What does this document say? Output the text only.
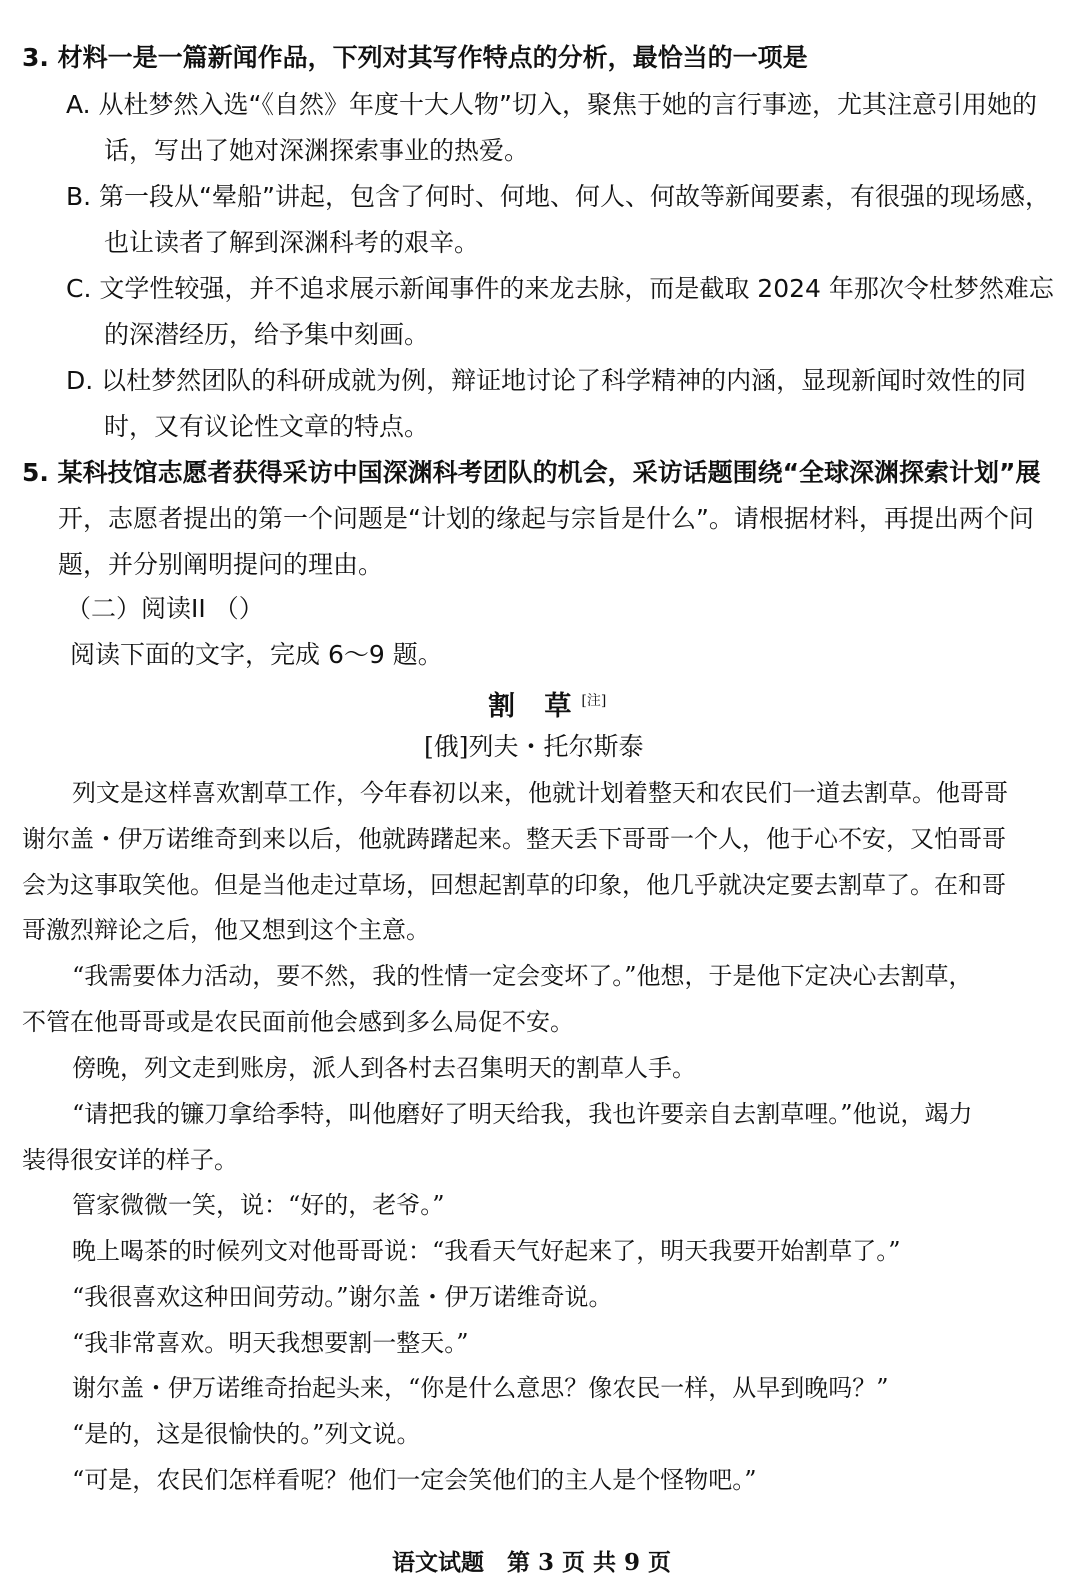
3. 材料一是一篇新闻作品，下列对其写作特点的分析，最恰当的一项是
A. 从杜梦然入选“《自然》年度十大人物”切入，聚焦于她的言行事迹，尤其注意引用她的
话，写出了她对深渊探索事业的热爱。
B. 第一段从“晕船”讲起，包含了何时、何地、何人、何故等新闻要素，有很强的现场感，
也让读者了解到深渊科考的艰辛。
C. 文学性较强，并不追求展示新闻事件的来龙去脉，而是截取 2024 年那次令杜梦然难忘
的深潜经历，给予集中刻画。
D. 以杜梦然团队的科研成就为例，辩证地讨论了科学精神的内涵，显现新闻时效性的同
时，又有议论性文章的特点。
5. 某科技馆志愿者获得采访中国深渊科考团队的机会，采访话题围绕“全球深渊探索计划”展
开，志愿者提出的第一个问题是“计划的缘起与宗旨是什么”。请根据材料，再提出两个问
题，并分别阐明提问的理由。
（二）阅读II （）
阅读下面的文字，完成 6～9 题。
割 草[注]
[俄]列夫・托尔斯泰
列文是这样喜欢割草工作，今年春初以来，他就计划着整天和农民们一道去割草。他哥哥
谢尔盖・伊万诺维奇到来以后，他就踌躇起来。整天丢下哥哥一个人，他于心不安，又怕哥哥
会为这事取笑他。但是当他走过草场，回想起割草的印象，他几乎就决定要去割草了。在和哥
哥激烈辩论之后，他又想到这个主意。
“我需要体力活动，要不然，我的性情一定会变坏了。”他想，于是他下定决心去割草，
不管在他哥哥或是农民面前他会感到多么局促不安。
傍晚，列文走到账房，派人到各村去召集明天的割草人手。
“请把我的镰刀拿给季特，叫他磨好了明天给我，我也许要亲自去割草哩。”他说，竭力
装得很安详的样子。
管家微微一笑，说：“好的，老爷。”
晚上喝茶的时候列文对他哥哥说：“我看天气好起来了，明天我要开始割草了。”
“我很喜欢这种田间劳动。”谢尔盖・伊万诺维奇说。
“我非常喜欢。明天我想要割一整天。”
谢尔盖・伊万诺维奇抬起头来，“你是什么意思？像农民一样，从早到晚吗？”
“是的，这是很愉快的。”列文说。
“可是，农民们怎样看呢？他们一定会笑他们的主人是个怪物吧。”
语文试题　第 3 页 共 9 页
